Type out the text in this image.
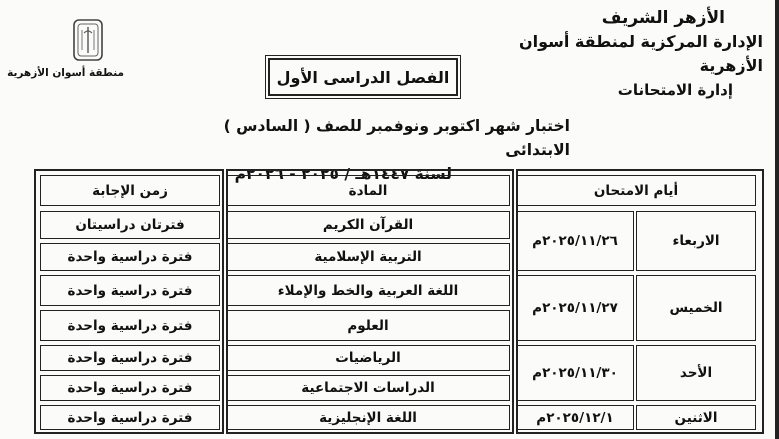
الأزهر الشريف
الإدارة المركزية لمنطقة أسوان الأزهرية
إدارة الامتحانات
منطقة أسوان الأزهرية	الفصل الدراسى الأول
اختبار شهر اكتوبر ونوفمبر للصف ( السادس ) الابتدائى
لسنة ١٤٤٧هـ / ٢٠٢٥ - ٢٠٢٦م
أيام الامتحان
المادة
زمن الإجابة
الاربعاء
الخميس
الأحد
الاثنين
٢٠٢٥/١١/٢٦م
٢٠٢٥/١١/٢٧م
٢٠٢٥/١١/٣٠م
٢٠٢٥/١٢/١م
القرآن الكريم
التربية الإسلامية
اللغة العربية والخط والإملاء
العلوم
الرياضيات
الدراسات الاجتماعية
اللغة الإنجليزية
فترتان دراسيتان
فترة دراسية واحدة
فترة دراسية واحدة
فترة دراسية واحدة
فترة دراسية واحدة
فترة دراسية واحدة
فترة دراسية واحدة
